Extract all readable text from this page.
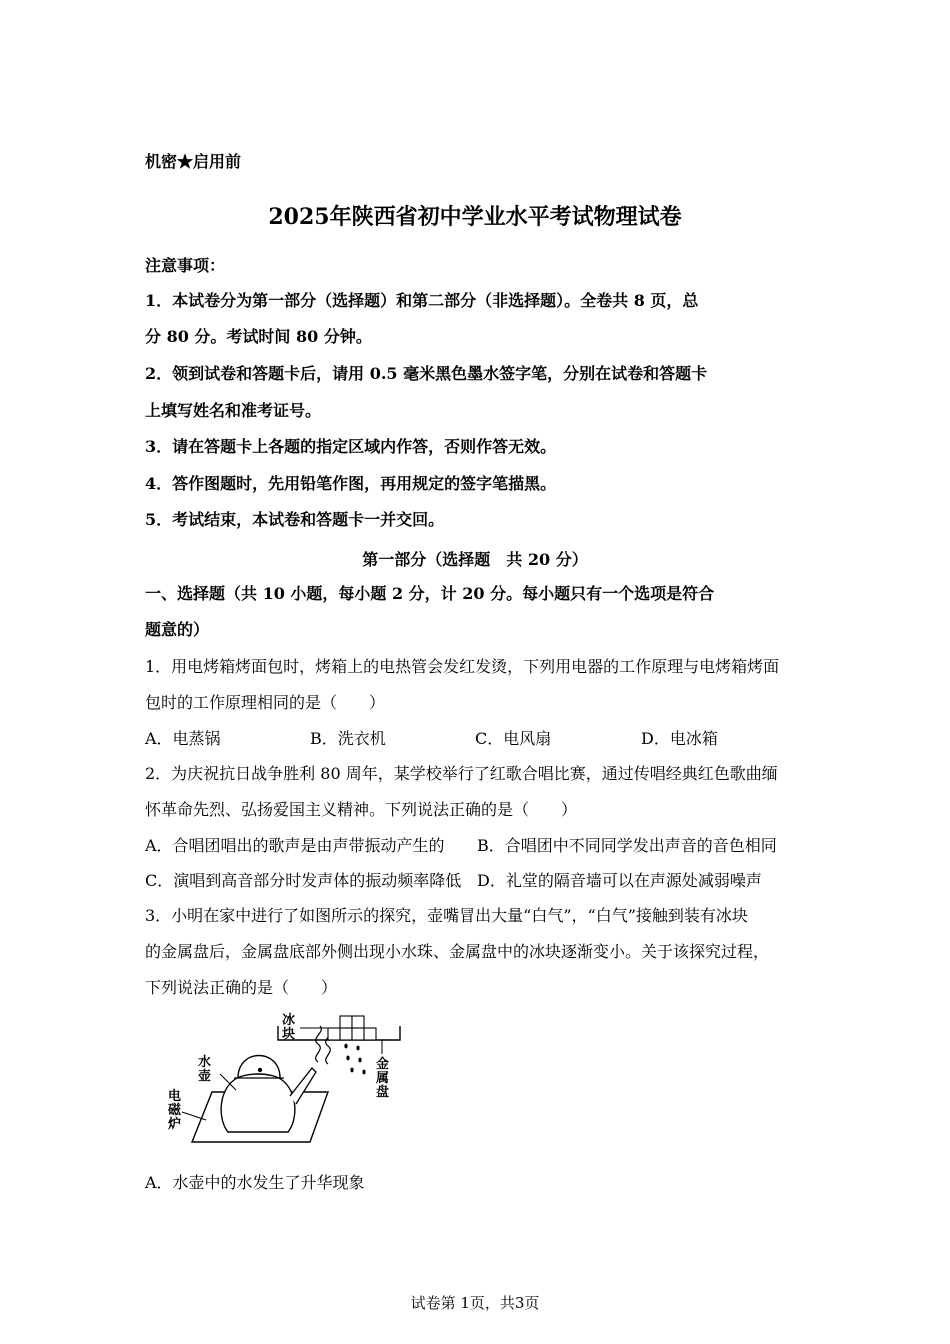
机密★启用前
2025年陕西省初中学业水平考试物理试卷
注意事项：
1．本试卷分为第一部分（选择题）和第二部分（非选择题）。全卷共 8 页，总
分 80 分。考试时间 80 分钟。
2．领到试卷和答题卡后，请用 0.5 毫米黑色墨水签字笔，分别在试卷和答题卡
上填写姓名和准考证号。
3．请在答题卡上各题的指定区域内作答，否则作答无效。
4．答作图题时，先用铅笔作图，再用规定的签字笔描黑。
5．考试结束，本试卷和答题卡一并交回。
第一部分（选择题　共 20 分）
一、选择题（共 10 小题，每小题 2 分，计 20 分。每小题只有一个选项是符合
题意的）
1．用电烤箱烤面包时，烤箱上的电热管会发红发烫，下列用电器的工作原理与电烤箱烤面
包时的工作原理相同的是（　　）
A．电蒸锅	B．洗衣机	C．电风扇	D．电冰箱
2．为庆祝抗日战争胜利 80 周年，某学校举行了红歌合唱比赛，通过传唱经典红色歌曲缅
怀革命先烈、弘扬爱国主义精神。下列说法正确的是（　　）
A．合唱团唱出的歌声是由声带振动产生的 B．合唱团中不同同学发出声音的音色相同
C．演唱到高音部分时发声体的振动频率降低 D．礼堂的隔音墙可以在声源处减弱噪声
3．小明在家中进行了如图所示的探究，壶嘴冒出大量“白气”，“白气”接触到装有冰块
的金属盘后，金属盘底部外侧出现小水珠、金属盘中的冰块逐渐变小。关于该探究过程，
下列说法正确的是（　　）
冰
块
水
壶
电
磁
炉
金
属
盘
A．水壶中的水发生了升华现象
试卷第 1页，共3页
